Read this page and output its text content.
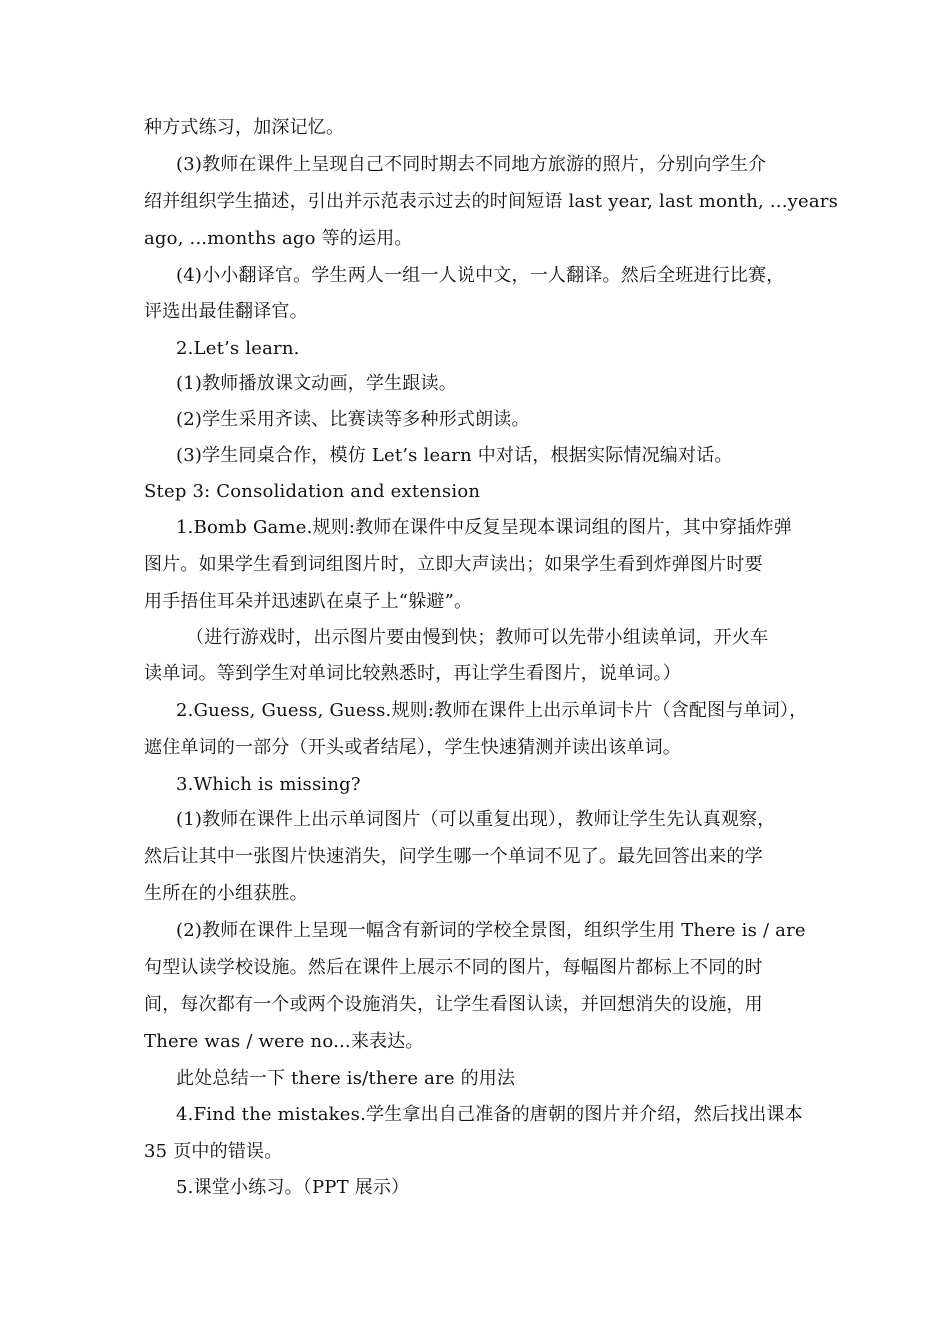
种方式练习，加深记忆。
(3)教师在课件上呈现自己不同时期去不同地方旅游的照片，分别向学生介
绍并组织学生描述，引出并示范表示过去的时间短语 last year, last month, ...years
ago, ...months ago 等的运用。
(4)小小翻译官。学生两人一组一人说中文，一人翻译。然后全班进行比赛，
评选出最佳翻译官。
2.Let’s learn.
(1)教师播放课文动画，学生跟读。
(2)学生采用齐读、比赛读等多种形式朗读。
(3)学生同桌合作，模仿 Let’s learn 中对话，根据实际情况编对话。
Step 3: Consolidation and extension
1.Bomb Game.规则:教师在课件中反复呈现本课词组的图片，其中穿插炸弹
图片。如果学生看到词组图片时，立即大声读出；如果学生看到炸弹图片时要
用手捂住耳朵并迅速趴在桌子上“躲避”。
（进行游戏时，出示图片要由慢到快；教师可以先带小组读单词，开火车
读单词。等到学生对单词比较熟悉时，再让学生看图片，说单词。）
2.Guess, Guess, Guess.规则:教师在课件上出示单词卡片（含配图与单词），
遮住单词的一部分（开头或者结尾），学生快速猜测并读出该单词。
3.Which is missing?
(1)教师在课件上出示单词图片（可以重复出现），教师让学生先认真观察，
然后让其中一张图片快速消失，问学生哪一个单词不见了。最先回答出来的学
生所在的小组获胜。
(2)教师在课件上呈现一幅含有新词的学校全景图，组织学生用 There is / are
句型认读学校设施。然后在课件上展示不同的图片，每幅图片都标上不同的时
间，每次都有一个或两个设施消失，让学生看图认读，并回想消失的设施，用
There was / were no...来表达。
此处总结一下 there is/there are 的用法
4.Find the mistakes.学生拿出自己准备的唐朝的图片并介绍，然后找出课本
35 页中的错误。
5.课堂小练习。（PPT 展示）
